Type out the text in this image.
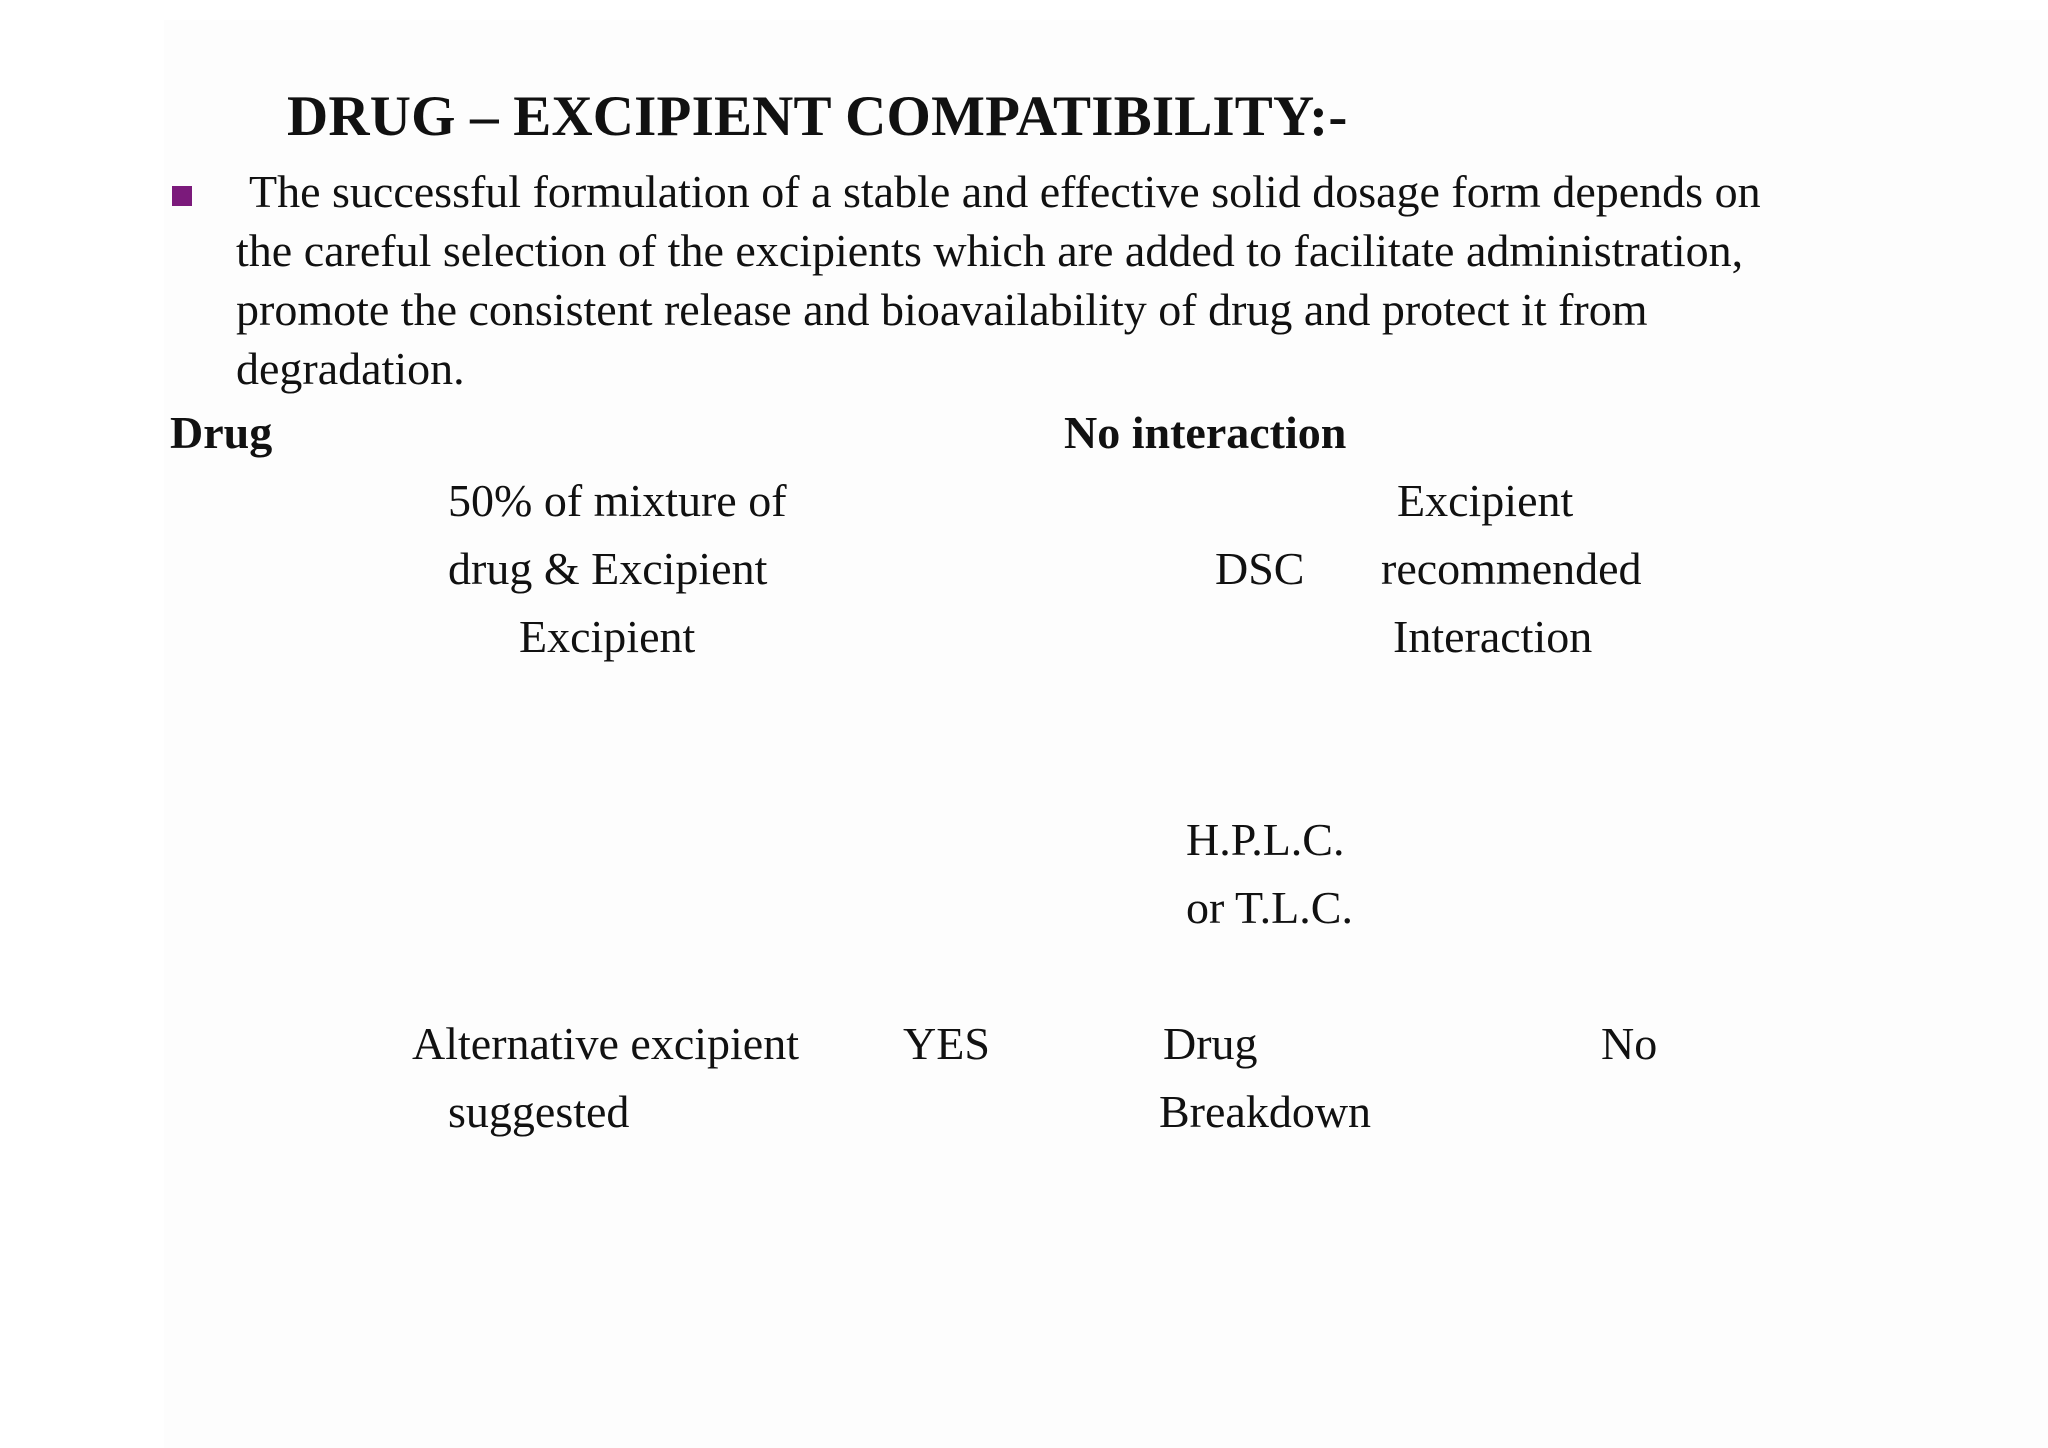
DRUG – EXCIPIENT COMPATIBILITY:-
The successful formulation of a stable and effective solid dosage form depends on
the careful selection of the excipients which are added to facilitate administration,
promote the consistent release and bioavailability of drug and protect it from
degradation.
Drug	No interaction
50% of mixture of
drug & Excipient
Excipient
DSC
Excipient
recommended
Interaction
H.P.L.C.
or T.L.C.
Alternative excipient
suggested
YES	Drug
Breakdown
No
